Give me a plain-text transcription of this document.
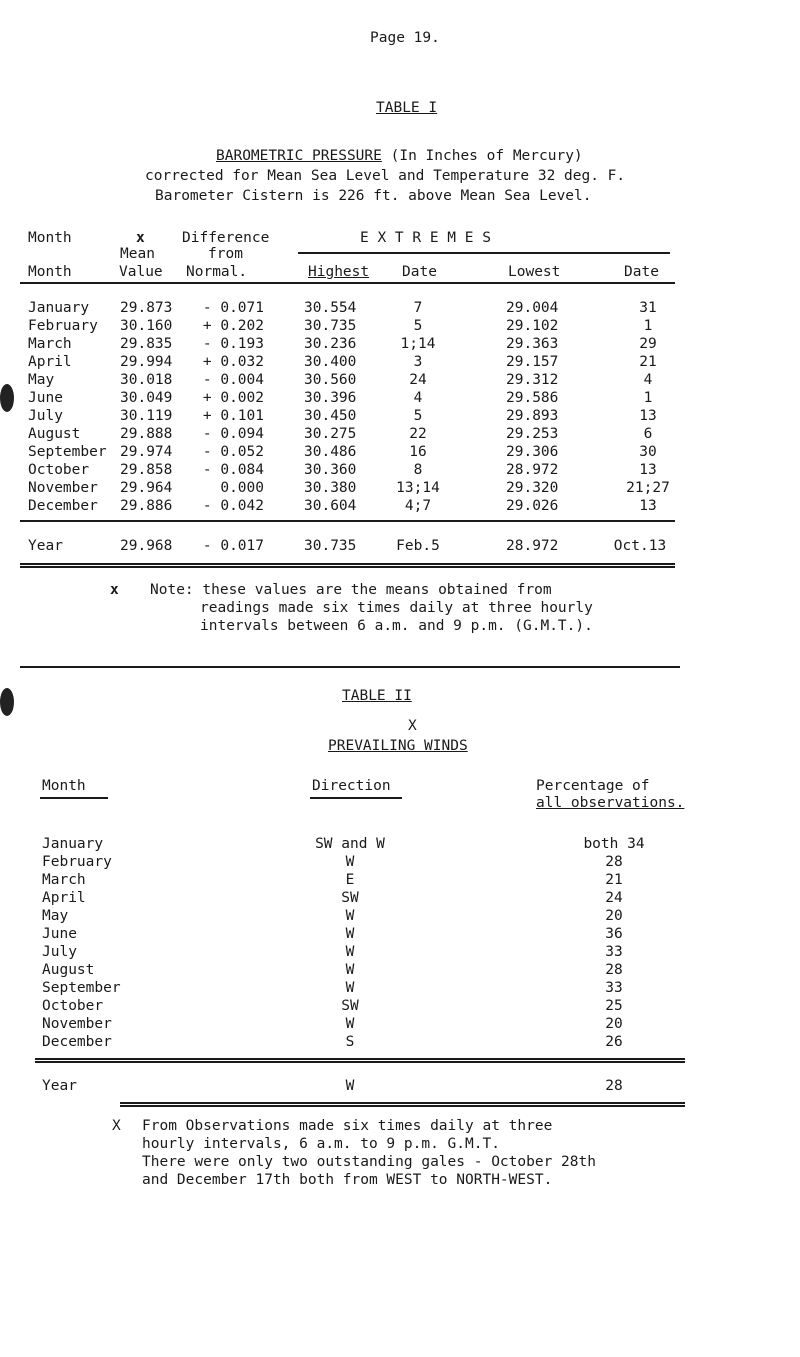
Page 19.
TABLE I
BAROMETRIC PRESSURE (In Inches of Mercury)
corrected for Mean Sea Level and Temperature 32 deg. F.
Barometer Cistern is 226 ft. above Mean Sea Level.
Month	x	Difference	E X T R E M E S
Mean	from
Month	Value Normal.	Highest Date	Lowest	Date
January 29.873	- 0.071	30.554	7	29.004	31
February 30.160	+ 0.202	30.735	5	29.102	1
March	29.835	- 0.193	30.236	1;14	29.363	29
April	29.994	+ 0.032	30.400	3	29.157	21
May	30.018	- 0.004	30.560	24	29.312	4
June	30.049	+ 0.002	30.396	4	29.586	1
July	30.119	+ 0.101	30.450	5	29.893	13
August	29.888	- 0.094	30.275	22	29.253	6
September 29.974	- 0.052	30.486	16	29.306	30
October 29.858	- 0.084	30.360	8	28.972	13
November 29.964	0.000	30.380	13;14	29.320	21;27
December 29.886	- 0.042	30.604	4;7	29.026	13
Year	29.968	- 0.017	30.735	Feb.5	28.972	Oct.13
x Note: these values are the means obtained from
readings made six times daily at three hourly
intervals between 6 a.m. and 9 p.m. (G.M.T.).
TABLE II
X
PREVAILING WINDS
Month	Direction	Percentage of
all observations.
January	SW and W	both 34
February	W	28
March	E	21
April	SW	24
May	W	20
June	W	36
July	W	33
August	W	28
September	W	33
October	SW	25
November	W	20
December	S	26
Year	W	28
X From Observations made six times daily at three
hourly intervals, 6 a.m. to 9 p.m. G.M.T.
There were only two outstanding gales - October 28th
and December 17th both from WEST to NORTH-WEST.
